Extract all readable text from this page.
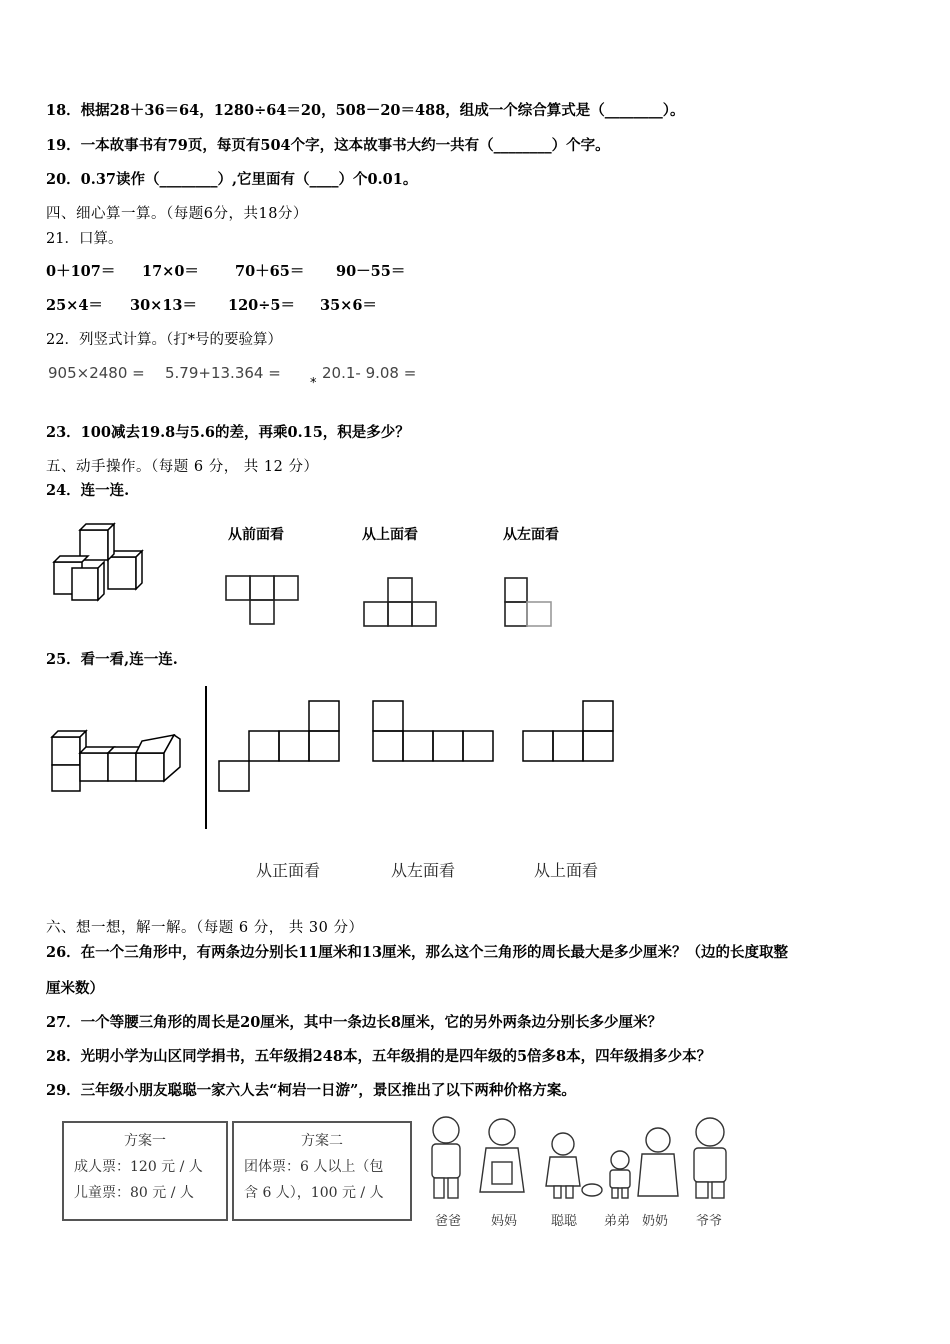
18．根据28＋36＝64，1280÷64＝20，508－20＝488，组成一个综合算式是（________）。
19．一本故事书有79页，每页有504个字，这本故事书大约一共有（________）个字。
20．0.37读作（________）,它里面有（____）个0.01。
四、细心算一算。（每题6分，共18分）
21．口算。
0＋107＝ 17×0＝ 70＋65＝ 90－55＝
25×4＝ 30×13＝ 120÷5＝ 35×6＝
22．列竖式计算。（打*号的要验算）
905×2480 = 5.79+13.364 =
*
20.1- 9.08 =
23．100减去19.8与5.6的差，再乘0.15，积是多少？
五、动手操作。（每题 6 分， 共 12 分）
24．连一连.
从前面看	从上面看	从左面看
25．看一看,连一连.
从正面看	从左面看	从上面看
六、想一想，解一解。（每题 6 分， 共 30 分）
26．在一个三角形中，有两条边分别长11厘米和13厘米，那么这个三角形的周长最大是多少厘米？（边的长度取整
厘米数）
27．一个等腰三角形的周长是20厘米，其中一条边长8厘米，它的另外两条边分别长多少厘米？
28．光明小学为山区同学捐书，五年级捐248本，五年级捐的是四年级的5倍多8本，四年级捐多少本？
29．三年级小朋友聪聪一家六人去“柯岩一日游”，景区推出了以下两种价格方案。
方案一
成人票：120 元 / 人
儿童票：80 元 / 人
方案二
团体票：6 人以上（包
含 6 人），100 元 / 人
爸爸 妈妈	聪聪 弟弟 奶奶 爷爷
